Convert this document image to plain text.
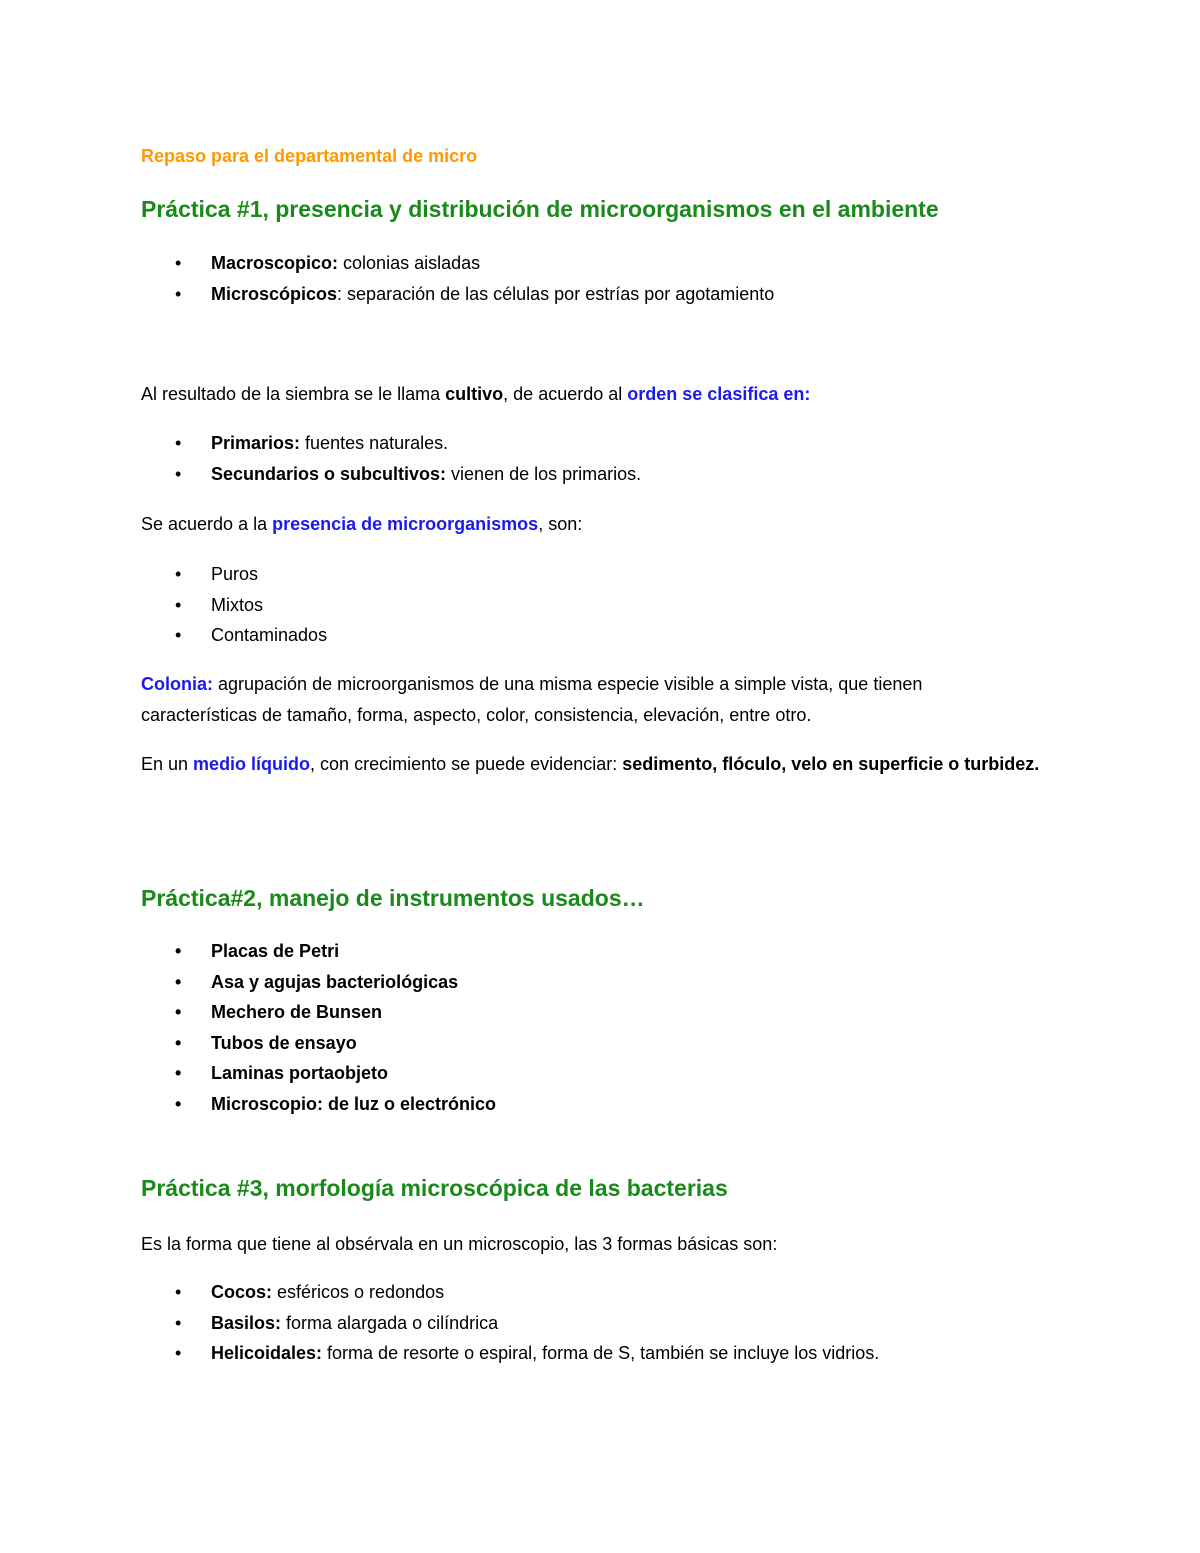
Repaso para el departamental de micro
Práctica #1, presencia y distribución de microorganismos en el ambiente
• Macroscopico: colonias aisladas
• Microscópicos: separación de las células por estrías por agotamiento
Al resultado de la siembra se le llama cultivo, de acuerdo al orden se clasifica en:
• Primarios: fuentes naturales.
• Secundarios o subcultivos: vienen de los primarios.
Se acuerdo a la presencia de microorganismos, son:
• Puros
• Mixtos
• Contaminados
Colonia: agrupación de microorganismos de una misma especie visible a simple vista, que tienen características de tamaño, forma, aspecto, color, consistencia, elevación, entre otro.
En un medio líquido, con crecimiento se puede evidenciar: sedimento, flóculo, velo en superficie o turbidez.
Práctica#2, manejo de instrumentos usados…
• Placas de Petri
• Asa y agujas bacteriológicas
• Mechero de Bunsen
• Tubos de ensayo
• Laminas portaobjeto
• Microscopio: de luz o electrónico
Práctica #3, morfología microscópica de las bacterias
Es la forma que tiene al obsérvala en un microscopio, las 3 formas básicas son:
• Cocos: esféricos o redondos
• Basilos: forma alargada o cilíndrica
• Helicoidales: forma de resorte o espiral, forma de S, también se incluye los vidrios.
